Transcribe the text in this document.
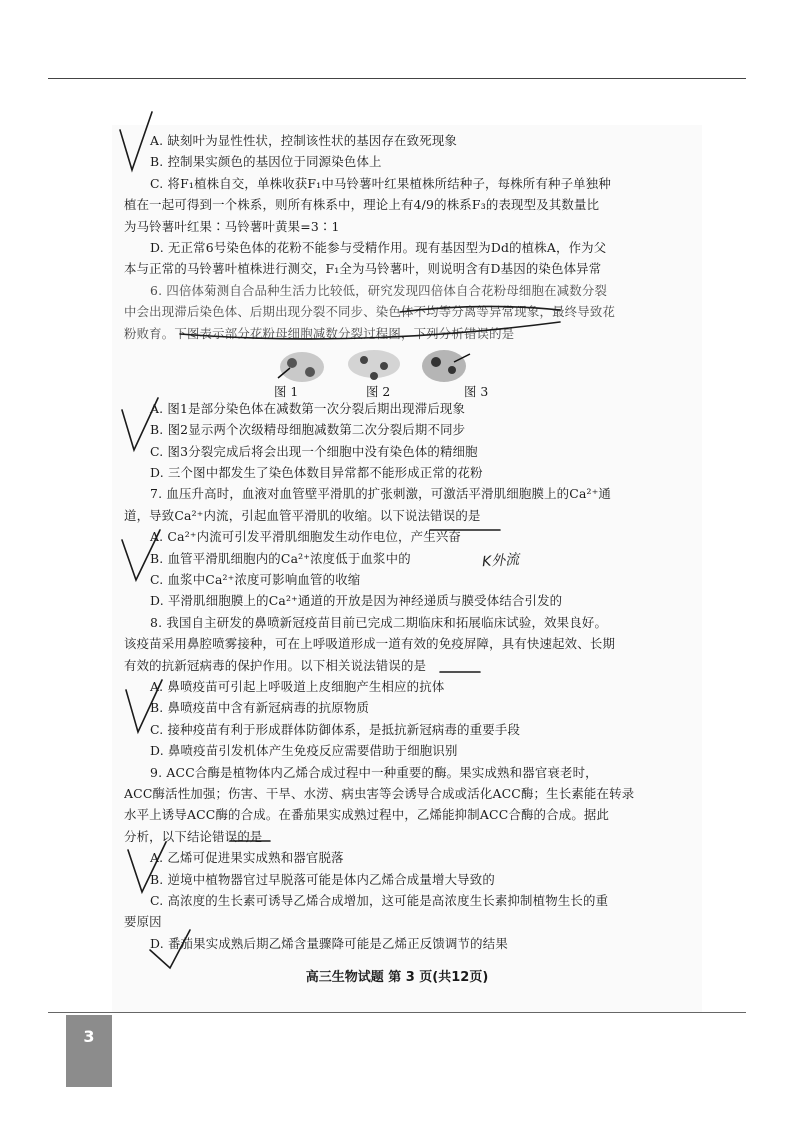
A. 缺刻叶为显性性状，控制该性状的基因存在致死现象
B. 控制果实颜色的基因位于同源染色体上
C. 将F₁植株自交，单株收获F₁中马铃薯叶红果植株所结种子，每株所有种子单独种
植在一起可得到一个株系，则所有株系中，理论上有4/9的株系F₃的表现型及其数量比
为马铃薯叶红果∶马铃薯叶黄果=3∶1
D. 无正常6号染色体的花粉不能参与受精作用。现有基因型为Dd的植株A，作为父
本与正常的马铃薯叶植株进行测交，F₁全为马铃薯叶，则说明含有D基因的染色体异常
6. 四倍体菊测自合品种生活力比较低，研究发现四倍体自合花粉母细胞在减数分裂
中会出现滞后染色体、后期出现分裂不同步、染色体不均等分离等异常现象，最终导致花
粉败育。下图表示部分花粉母细胞减数分裂过程图，下列分析错误的是
图 1	图 2	图 3
A. 图1是部分染色体在减数第一次分裂后期出现滞后现象
B. 图2显示两个次级精母细胞减数第二次分裂后期不同步
C. 图3分裂完成后将会出现一个细胞中没有染色体的精细胞
D. 三个图中都发生了染色体数目异常都不能形成正常的花粉
7. 血压升高时，血液对血管壁平滑肌的扩张刺激，可激活平滑肌细胞膜上的Ca²⁺通
道，导致Ca²⁺内流，引起血管平滑肌的收缩。以下说法错误的是
A. Ca²⁺内流可引发平滑肌细胞发生动作电位，产生兴奋
B. 血管平滑肌细胞内的Ca²⁺浓度低于血浆中的
C. 血浆中Ca²⁺浓度可影响血管的收缩
D. 平滑肌细胞膜上的Ca²⁺通道的开放是因为神经递质与膜受体结合引发的
8. 我国自主研发的鼻喷新冠疫苗目前已完成二期临床和拓展临床试验，效果良好。
该疫苗采用鼻腔喷雾接种，可在上呼吸道形成一道有效的免疫屏障，具有快速起效、长期
有效的抗新冠病毒的保护作用。以下相关说法错误的是
A. 鼻喷疫苗可引起上呼吸道上皮细胞产生相应的抗体
B. 鼻喷疫苗中含有新冠病毒的抗原物质
C. 接种疫苗有利于形成群体防御体系，是抵抗新冠病毒的重要手段
D. 鼻喷疫苗引发机体产生免疫反应需要借助于细胞识别
9. ACC合酶是植物体内乙烯合成过程中一种重要的酶。果实成熟和器官衰老时，
ACC酶活性加强；伤害、干旱、水涝、病虫害等会诱导合成或活化ACC酶；生长素能在转录
水平上诱导ACC酶的合成。在番茄果实成熟过程中，乙烯能抑制ACC合酶的合成。据此
分析，以下结论错误的是
A. 乙烯可促进果实成熟和器官脱落
B. 逆境中植物器官过早脱落可能是体内乙烯合成量增大导致的
C. 高浓度的生长素可诱导乙烯合成增加，这可能是高浓度生长素抑制植物生长的重
要原因
D. 番茄果实成熟后期乙烯含量骤降可能是乙烯正反馈调节的结果
K外流
高三生物试题 第 3 页(共12页)
3
